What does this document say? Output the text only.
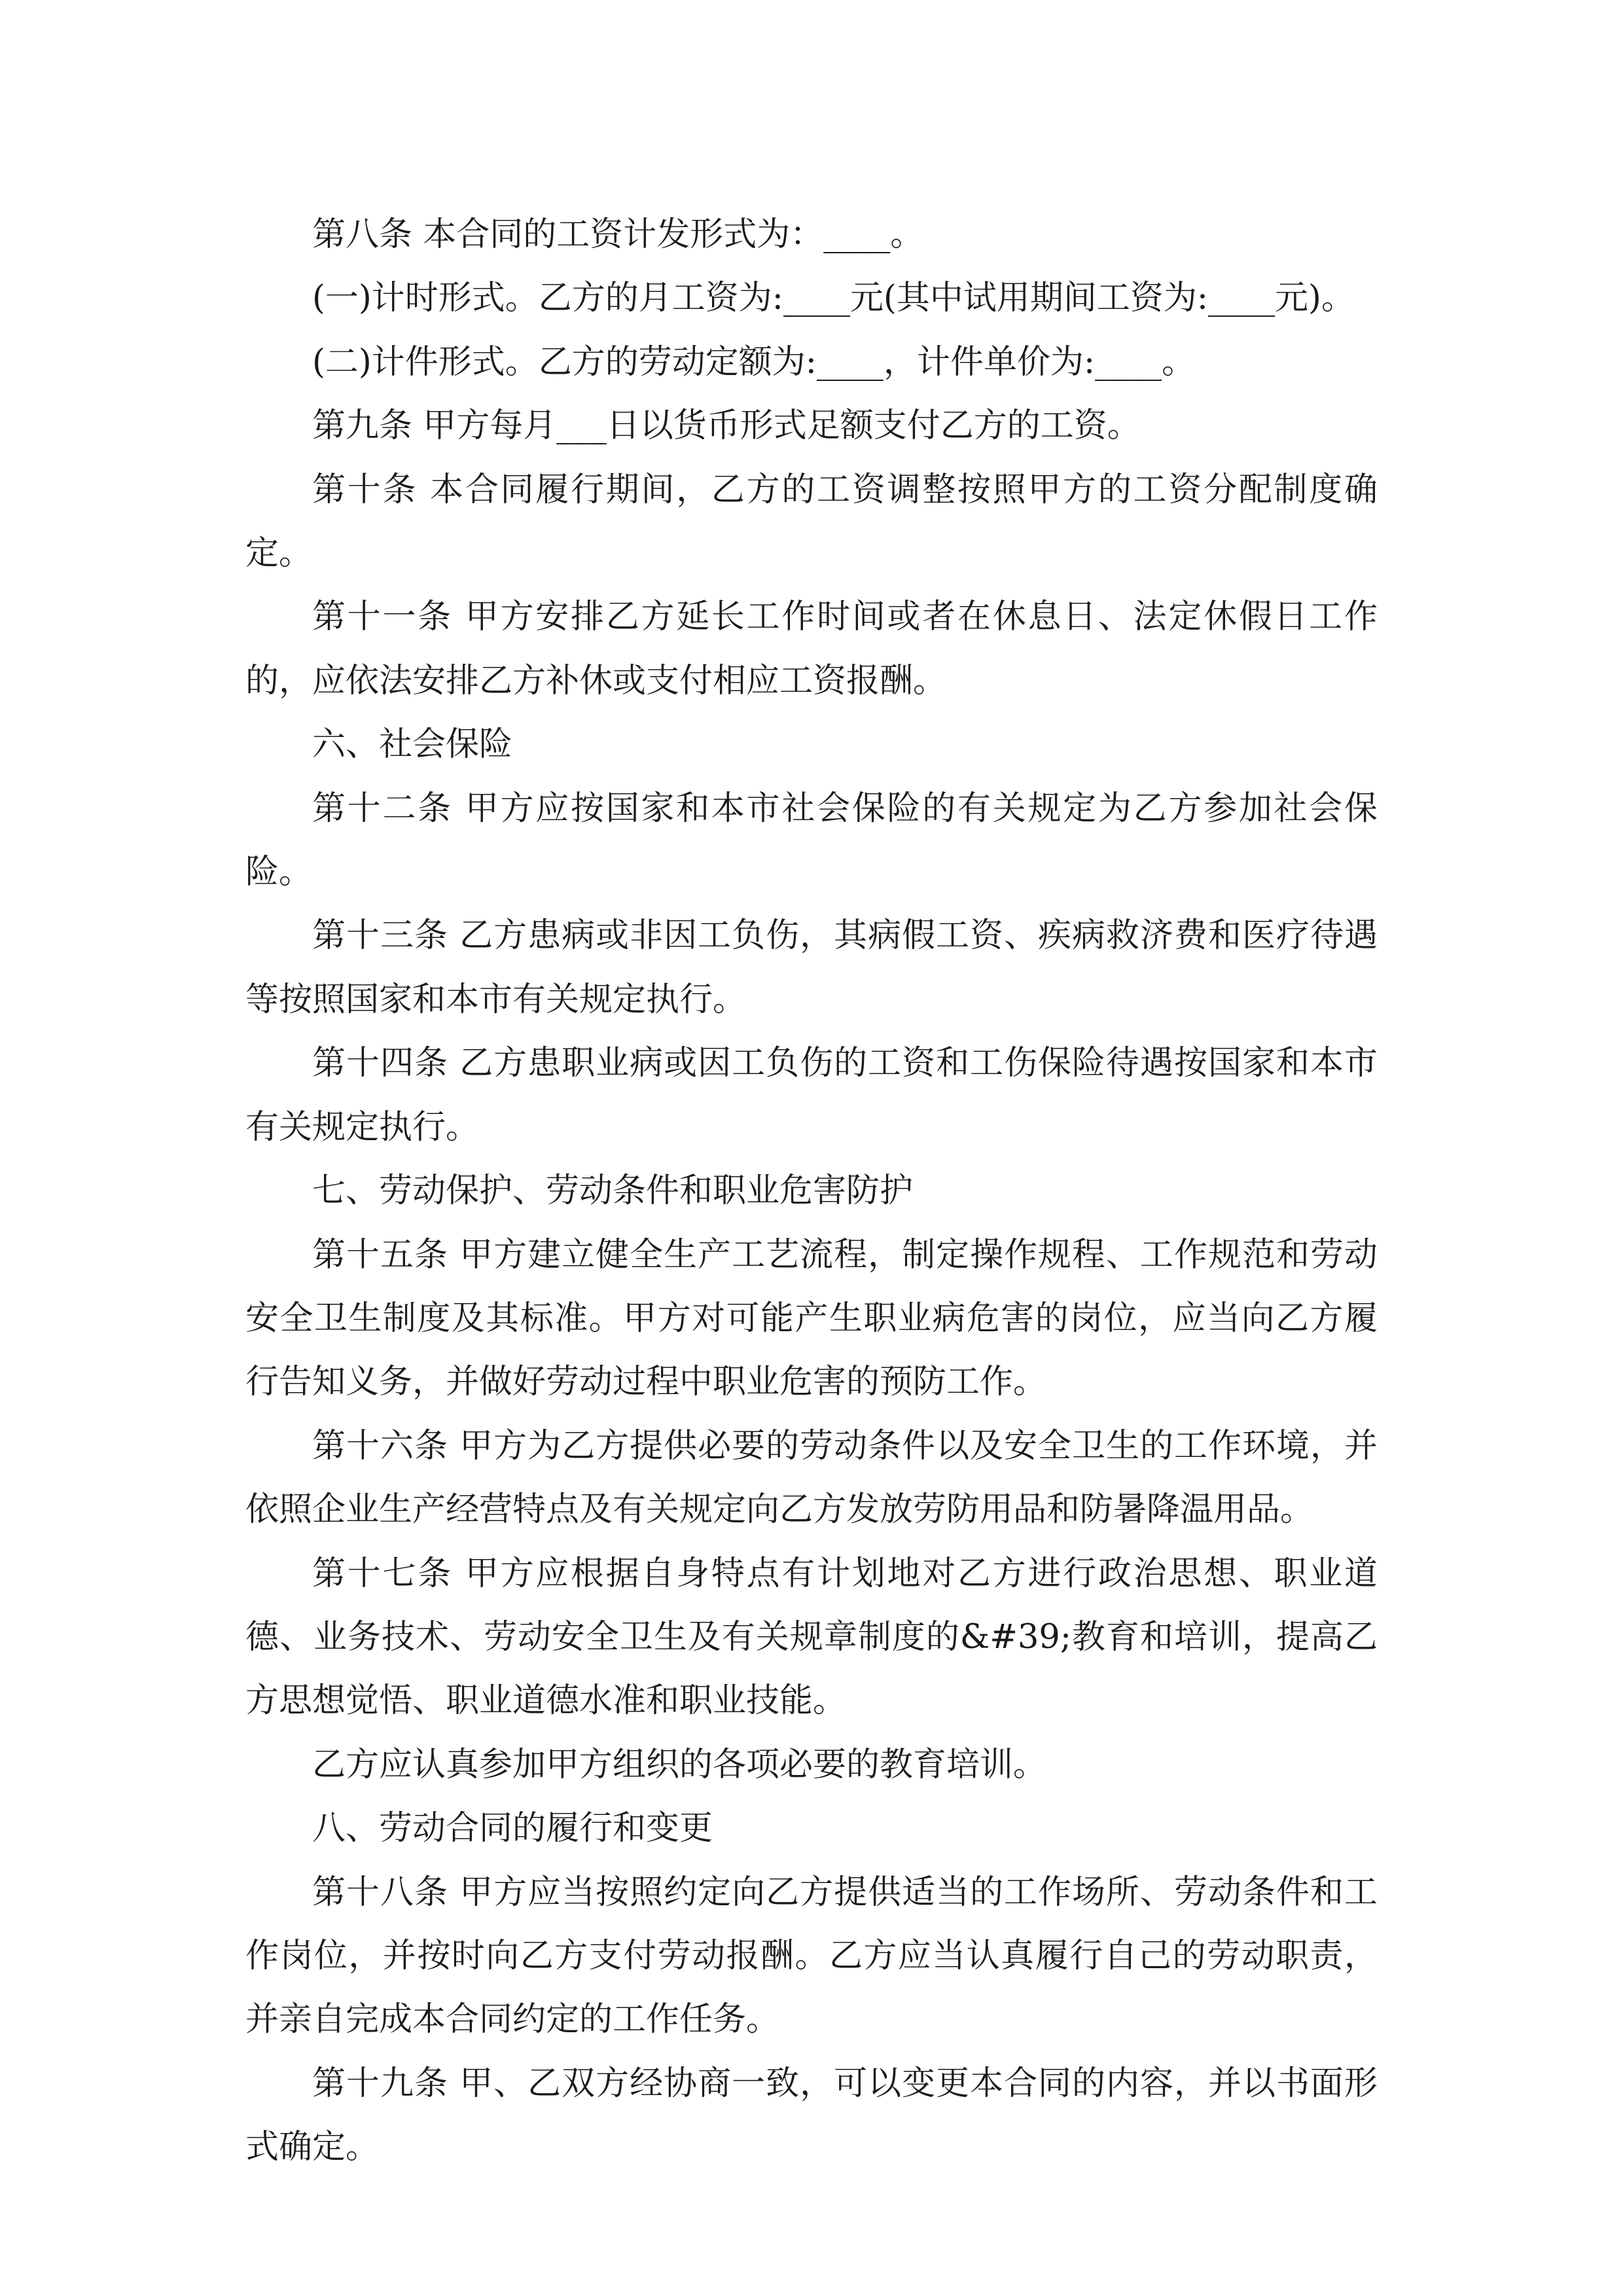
第八条 本合同的工资计发形式为：____。

(一)计时形式。乙方的月工资为:____元(其中试用期间工资为:____元)。

(二)计件形式。乙方的劳动定额为:____，计件单价为:____。

第九条 甲方每月___日以货币形式足额支付乙方的工资。

第十条 本合同履行期间，乙方的工资调整按照甲方的工资分配制度确定。

第十一条 甲方安排乙方延长工作时间或者在休息日、法定休假日工作的，应依法安排乙方补休或支付相应工资报酬。

六、社会保险

第十二条 甲方应按国家和本市社会保险的有关规定为乙方参加社会保险。

第十三条 乙方患病或非因工负伤，其病假工资、疾病救济费和医疗待遇等按照国家和本市有关规定执行。

第十四条 乙方患职业病或因工负伤的工资和工伤保险待遇按国家和本市有关规定执行。

七、劳动保护、劳动条件和职业危害防护

第十五条 甲方建立健全生产工艺流程，制定操作规程、工作规范和劳动安全卫生制度及其标准。甲方对可能产生职业病危害的岗位，应当向乙方履行告知义务，并做好劳动过程中职业危害的预防工作。

第十六条 甲方为乙方提供必要的劳动条件以及安全卫生的工作环境，并依照企业生产经营特点及有关规定向乙方发放劳防用品和防暑降温用品。

第十七条 甲方应根据自身特点有计划地对乙方进行政治思想、职业道德、业务技术、劳动安全卫生及有关规章制度的&#39;教育和培训，提高乙方思想觉悟、职业道德水准和职业技能。

乙方应认真参加甲方组织的各项必要的教育培训。

八、劳动合同的履行和变更

第十八条 甲方应当按照约定向乙方提供适当的工作场所、劳动条件和工作岗位，并按时向乙方支付劳动报酬。乙方应当认真履行自己的劳动职责，并亲自完成本合同约定的工作任务。

第十九条 甲、乙双方经协商一致，可以变更本合同的内容，并以书面形式确定。
